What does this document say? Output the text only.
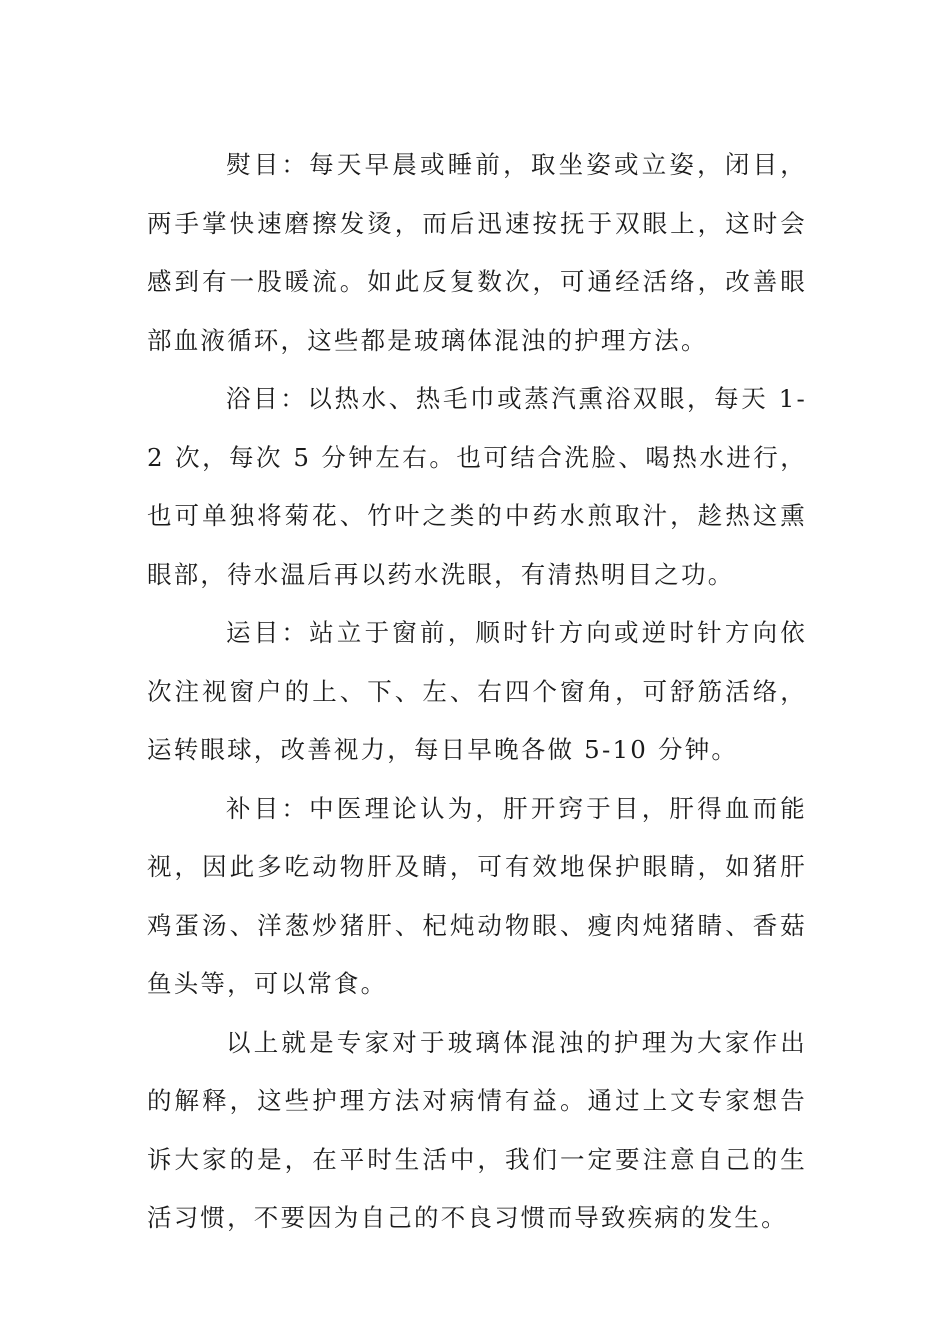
熨目：每天早晨或睡前，取坐姿或立姿，闭目，两手掌快速磨擦发烫，而后迅速按抚于双眼上，这时会感到有一股暖流。如此反复数次，可通经活络，改善眼部血液循环，这些都是玻璃体混浊的护理方法。

浴目：以热水、热毛巾或蒸汽熏浴双眼，每天 1-2 次，每次 5 分钟左右。也可结合洗脸、喝热水进行，也可单独将菊花、竹叶之类的中药水煎取汁，趁热这熏眼部，待水温后再以药水洗眼，有清热明目之功。

运目：站立于窗前，顺时针方向或逆时针方向依次注视窗户的上、下、左、右四个窗角，可舒筋活络，运转眼球，改善视力，每日早晚各做 5-10 分钟。

补目：中医理论认为，肝开窍于目，肝得血而能视，因此多吃动物肝及睛，可有效地保护眼睛，如猪肝鸡蛋汤、洋葱炒猪肝、杞炖动物眼、瘦肉炖猪睛、香菇鱼头等，可以常食。

以上就是专家对于玻璃体混浊的护理为大家作出的解释，这些护理方法对病情有益。通过上文专家想告诉大家的是，在平时生活中，我们一定要注意自己的生活习惯，不要因为自己的不良习惯而导致疾病的发生。
